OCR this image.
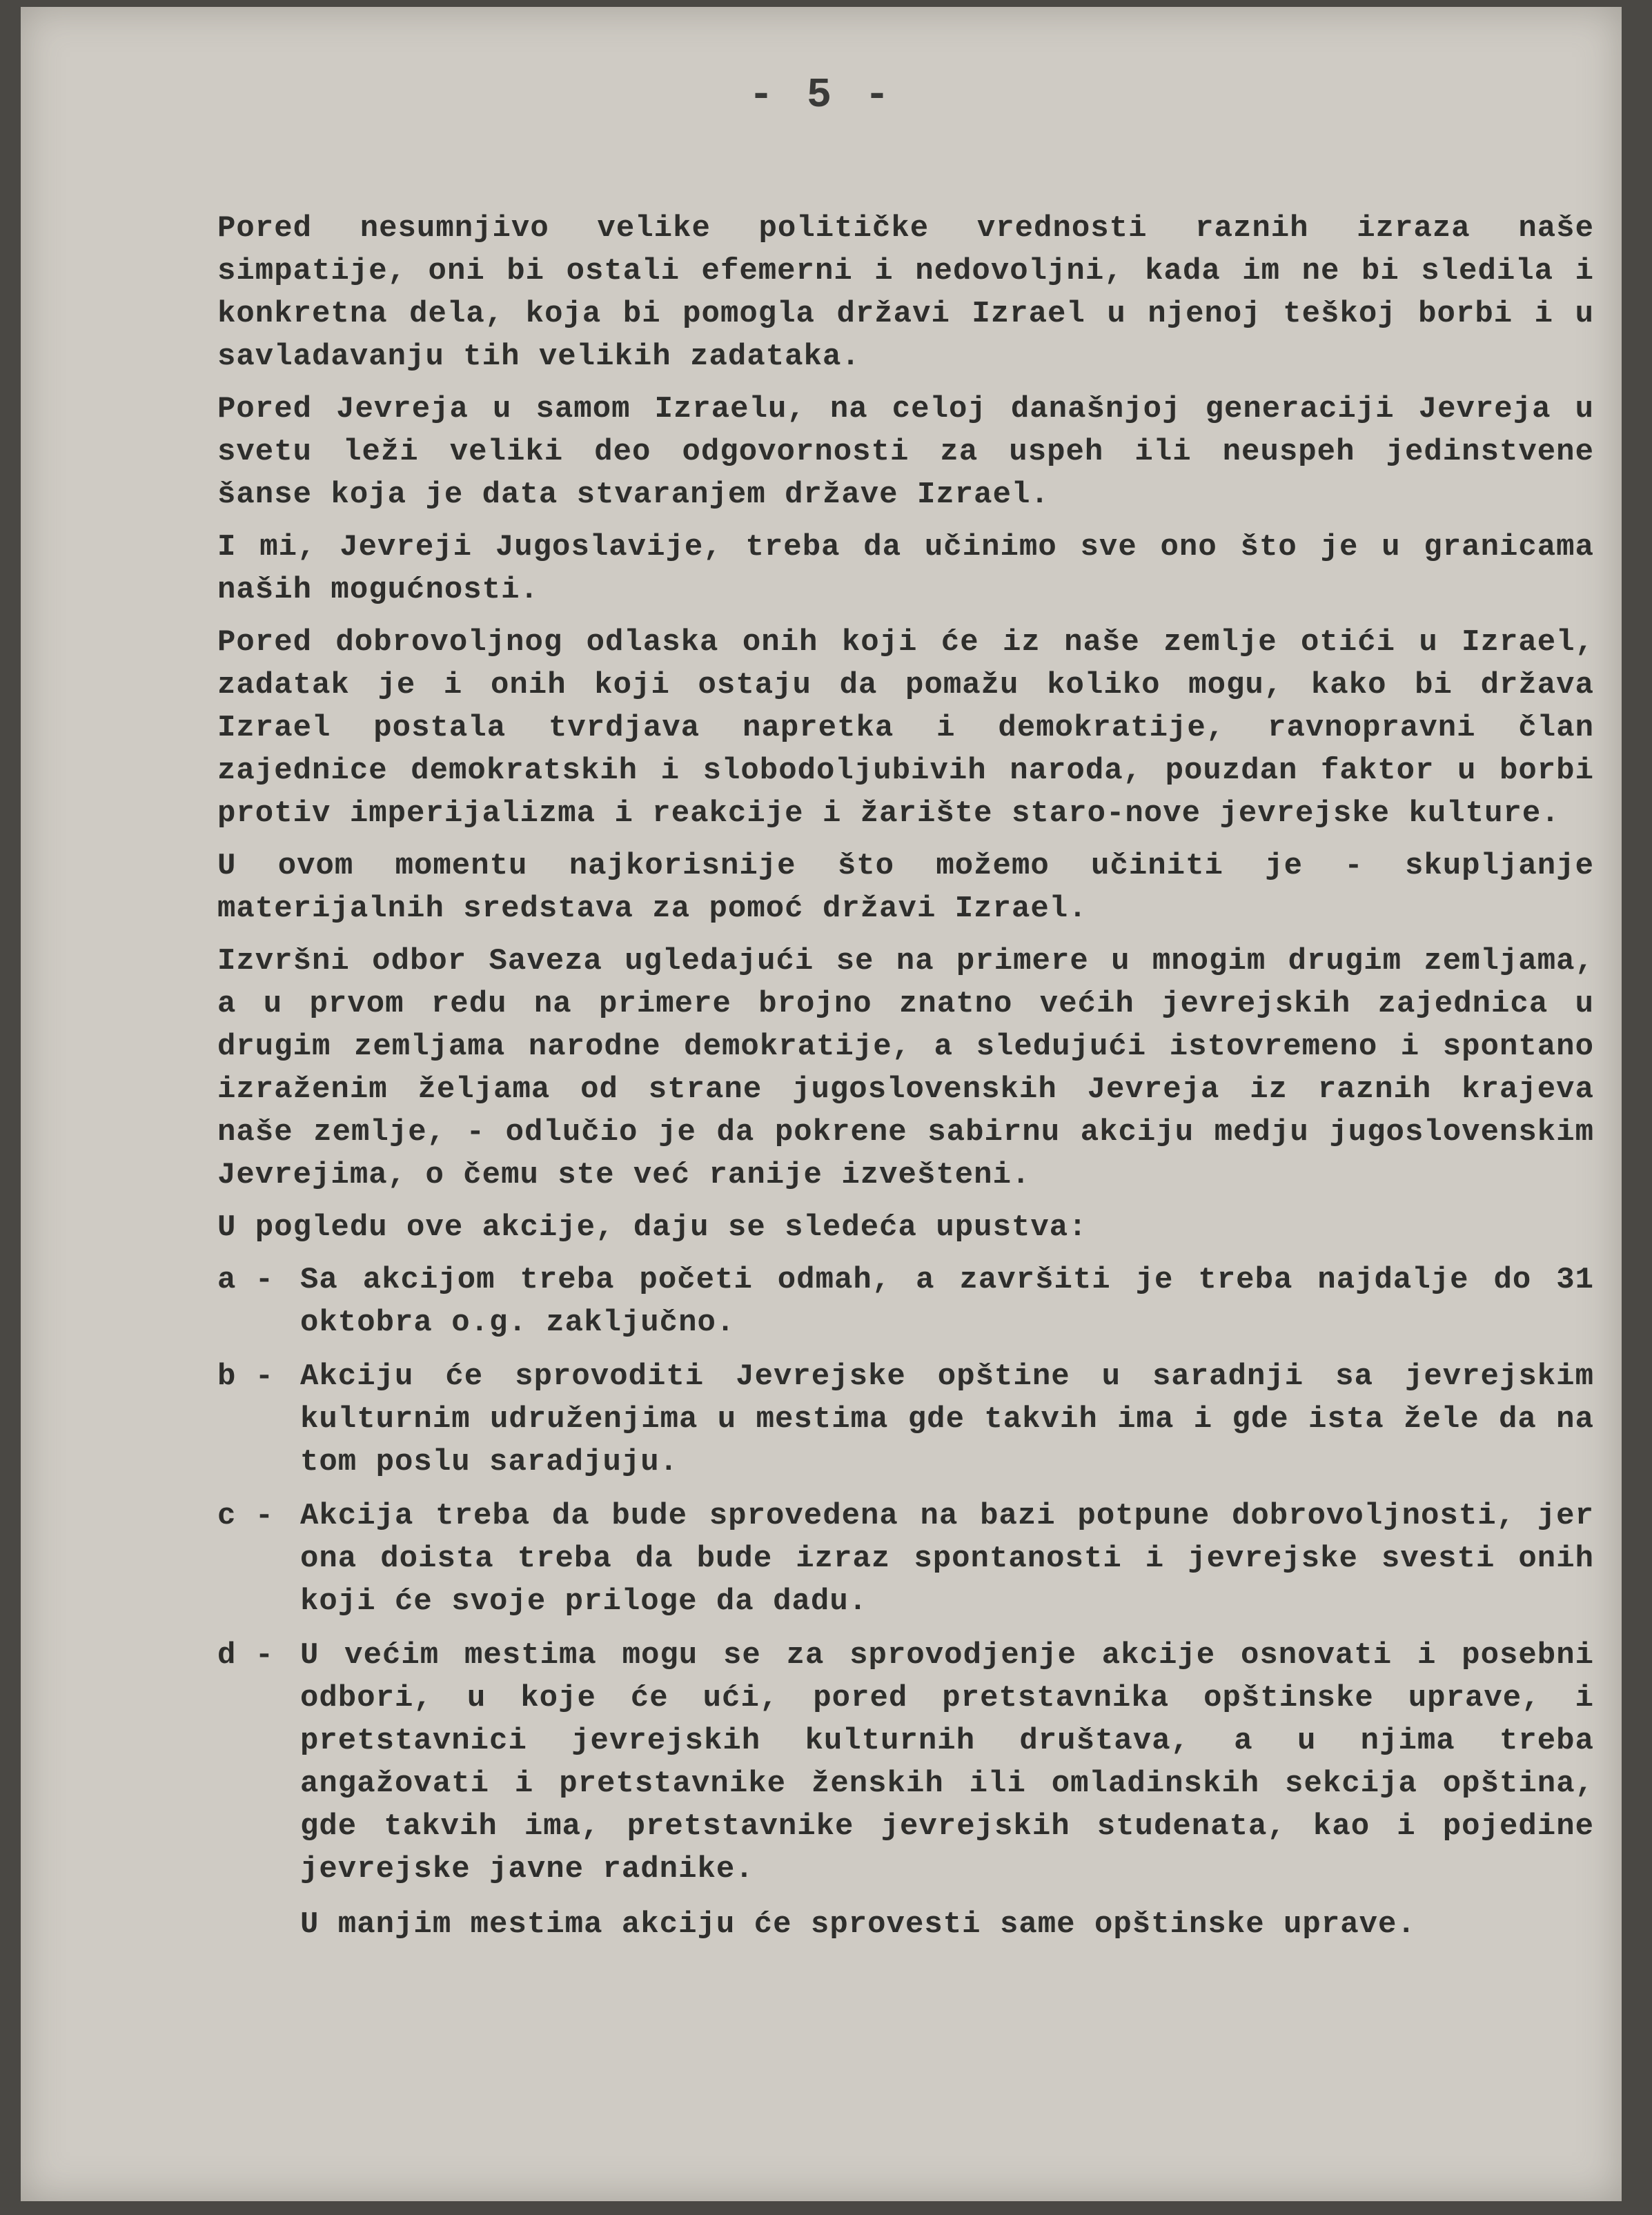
- 5 -

Pored nesumnjivo velike političke vrednosti raznih izraza naše simpatije, oni bi ostali efemerni i nedovoljni, kada im ne bi sledila i konkretna dela, koja bi pomogla državi Izrael u njenoj teškoj borbi i u savladavanju tih velikih zadataka.

Pored Jevreja u samom Izraelu, na celoj današnjoj generaciji Jevreja u svetu leži veliki deo odgovornosti za uspeh ili neuspeh jedinstvene šanse koja je data stvaranjem države Izrael.

I mi, Jevreji Jugoslavije, treba da učinimo sve ono što je u granicama naših mogućnosti.

Pored dobrovoljnog odlaska onih koji će iz naše zemlje otići u Izrael, zadatak je i onih koji ostaju da pomažu koliko mogu, kako bi država Izrael postala tvrdjava napretka i demokratije, ravnopravni član zajednice demokratskih i slobodoljubivih naroda, pouzdan faktor u borbi protiv imperijalizma i reakcije i žarište staro-nove jevrejske kulture.

U ovom momentu najkorisnije što možemo učiniti je - skupljanje materijalnih sredstava za pomoć državi Izrael.

Izvršni odbor Saveza ugledajući se na primere u mnogim drugim zemljama, a u prvom redu na primere brojno znatno većih jevrejskih zajednica u drugim zemljama narodne demokratije, a sledujući istovremeno i spontano izraženim željama od strane jugoslovenskih Jevreja iz raznih krajeva naše zemlje, - odlučio je da pokrene sabirnu akciju medju jugoslovenskim Jevrejima, o čemu ste već ranije izvešteni.

U pogledu ove akcije, daju se sledeća upustva:

a - Sa akcijom treba početi odmah, a završiti je treba najdalje do 31 oktobra o.g. zaključno.
b - Akciju će sprovoditi Jevrejske opštine u saradnji sa jevrejskim kulturnim udruženjima u mestima gde takvih ima i gde ista žele da na tom poslu saradjuju.
c - Akcija treba da bude sprovedena na bazi potpune dobrovoljnosti, jer ona doista treba da bude izraz spontanosti i jevrejske svesti onih koji će svoje priloge da dadu.
d - U većim mestima mogu se za sprovodjenje akcije osnovati i posebni odbori, u koje će ući, pored pretstavnika opštinske uprave, i pretstavnici jevrejskih kulturnih društava, a u njima treba angažovati i pretstavnike ženskih ili omladinskih sekcija opština, gde takvih ima, pretstavnike jevrejskih studenata, kao i pojedine jevrejske javne radnike.

U manjim mestima akciju će sprovesti same opštinske uprave.
